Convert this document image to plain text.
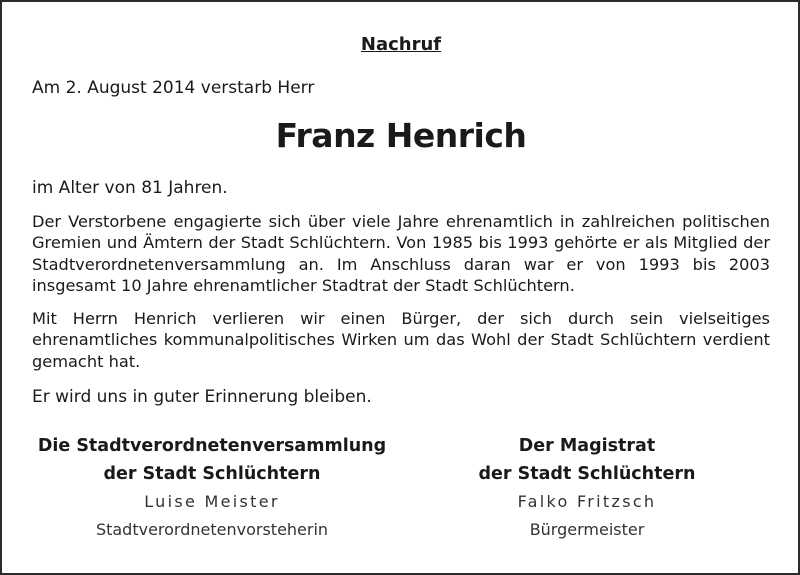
Nachruf
Am 2. August 2014 verstarb Herr
Franz Henrich
im Alter von 81 Jahren.
Der Verstorbene engagierte sich über viele Jahre ehrenamtlich in zahlreichen politischen Gremien und Ämtern der Stadt Schlüchtern. Von 1985 bis 1993 gehörte er als Mitglied der Stadtverordnetenversammlung an. Im Anschluss daran war er von 1993 bis 2003 insgesamt 10 Jahre ehrenamtlicher Stadtrat der Stadt Schlüchtern.
Mit Herrn Henrich verlieren wir einen Bürger, der sich durch sein vielseitiges ehrenamtliches kommunalpolitisches Wirken um das Wohl der Stadt Schlüchtern verdient gemacht hat.
Er wird uns in guter Erinnerung bleiben.
Die Stadtverordnetenversammlung
der Stadt Schlüchtern
Luise Meister
Stadtverordnetenvorsteherin
Der Magistrat
der Stadt Schlüchtern
Falko Fritzsch
Bürgermeister
